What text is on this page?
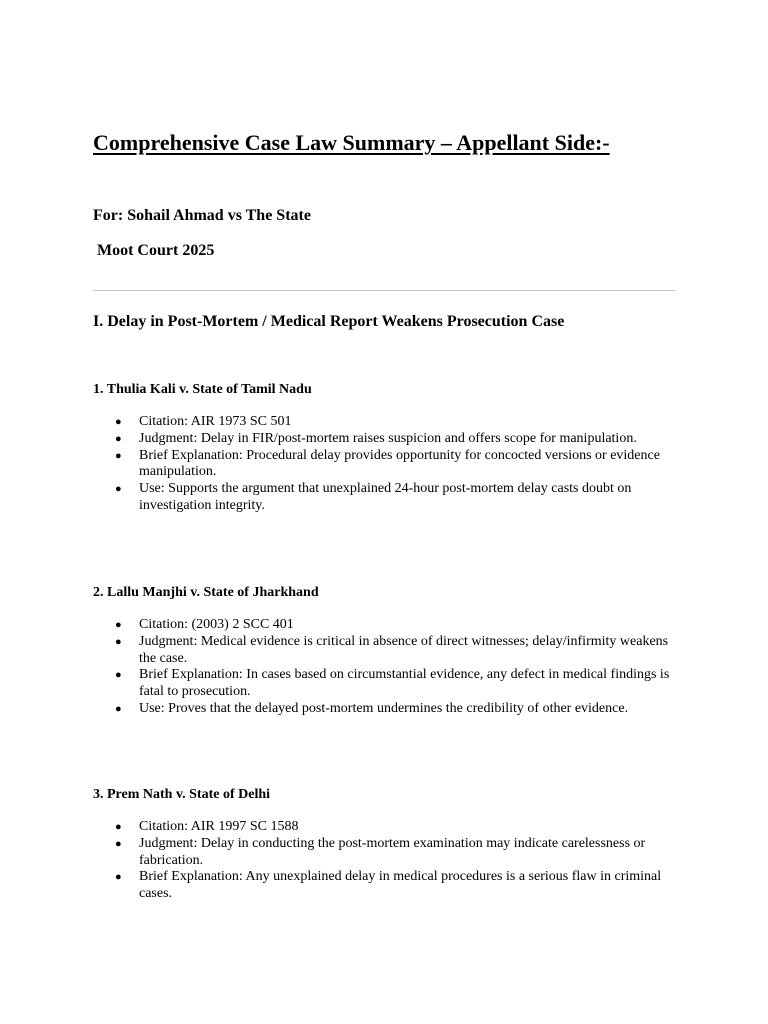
Comprehensive Case Law Summary – Appellant Side:-

For: Sohail Ahmad vs The State

Moot Court 2025

I. Delay in Post-Mortem / Medical Report Weakens Prosecution Case
1. Thulia Kali v. State of Tamil Nadu
● Citation: AIR 1973 SC 501
● Judgment: Delay in FIR/post-mortem raises suspicion and offers scope for manipulation.
● Brief Explanation: Procedural delay provides opportunity for concocted versions or evidence manipulation.
● Use: Supports the argument that unexplained 24-hour post-mortem delay casts doubt on investigation integrity.
2. Lallu Manjhi v. State of Jharkhand
● Citation: (2003) 2 SCC 401
● Judgment: Medical evidence is critical in absence of direct witnesses; delay/infirmity weakens the case.
● Brief Explanation: In cases based on circumstantial evidence, any defect in medical findings is fatal to prosecution.
● Use: Proves that the delayed post-mortem undermines the credibility of other evidence.
3. Prem Nath v. State of Delhi
● Citation: AIR 1997 SC 1588
● Judgment: Delay in conducting the post-mortem examination may indicate carelessness or fabrication.
● Brief Explanation: Any unexplained delay in medical procedures is a serious flaw in criminal cases.
